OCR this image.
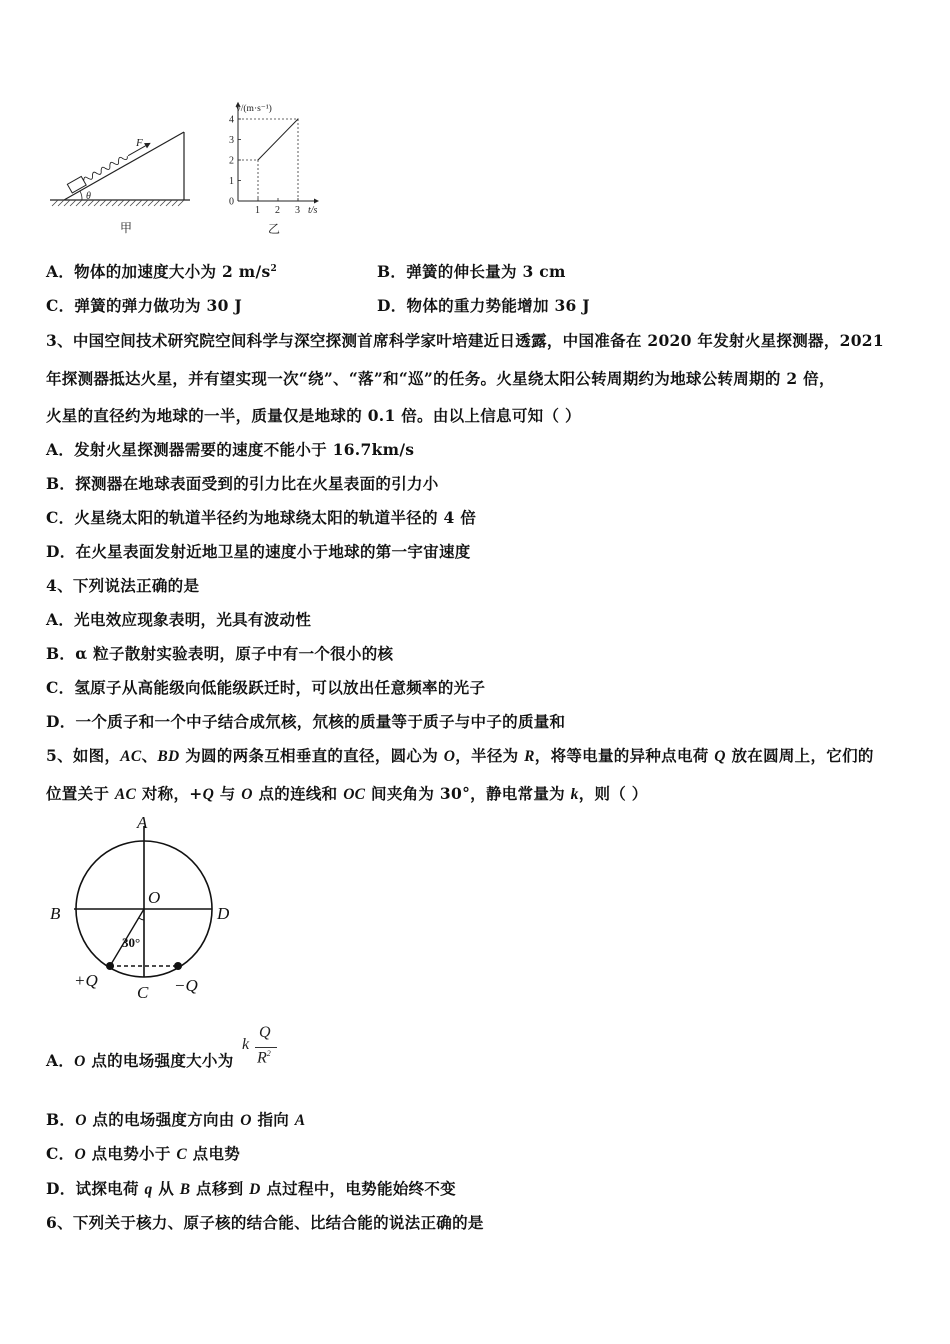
F
θ
甲
0
1
2
3
4
1 2 3
v/(m·s⁻¹)
t/s
乙
A．物体的加速度大小为 2 $m/s^2$	B．弹簧的伸长量为 3 cm
C．弹簧的弹力做功为 30 J	D．物体的重力势能增加 36 J
3、中国空间技术研究院空间科学与深空探测首席科学家叶培建近日透露，中国准备在 2020 年发射火星探测器，2021
年探测器抵达火星，并有望实现一次“绕”、“落”和“巡”的任务。火星绕太阳公转周期约为地球公转周期的 2 倍，
火星的直径约为地球的一半，质量仅是地球的 0.1 倍。由以上信息可知（ ）
A．发射火星探测器需要的速度不能小于 16.7km/s
B．探测器在地球表面受到的引力比在火星表面的引力小
C．火星绕太阳的轨道半径约为地球绕太阳的轨道半径的 4 倍
D．在火星表面发射近地卫星的速度小于地球的第一宇宙速度
4、下列说法正确的是
A．光电效应现象表明，光具有波动性
B．α 粒子散射实验表明，原子中有一个很小的核
C．氢原子从高能级向低能级跃迁时，可以放出任意频率的光子
D．一个质子和一个中子结合成氘核，氘核的质量等于质子与中子的质量和
5、如图，AC、BD 为圆的两条互相垂直的直径，圆心为 O，半径为 R，将等电量的异种点电荷 Q 放在圆周上，它们的
位置关于 AC 对称，+Q 与 O 点的连线和 OC 间夹角为 30°，静电常量为 k，则（ ）
A
B	D
O
C
30°
+Q	−Q
A．O 点的电场强度大小为
k
Q
$R^2$
B．O 点的电场强度方向由 O 指向 A
C．O 点电势小于 C 点电势
D．试探电荷 q 从 B 点移到 D 点过程中，电势能始终不变
6、下列关于核力、原子核的结合能、比结合能的说法正确的是
